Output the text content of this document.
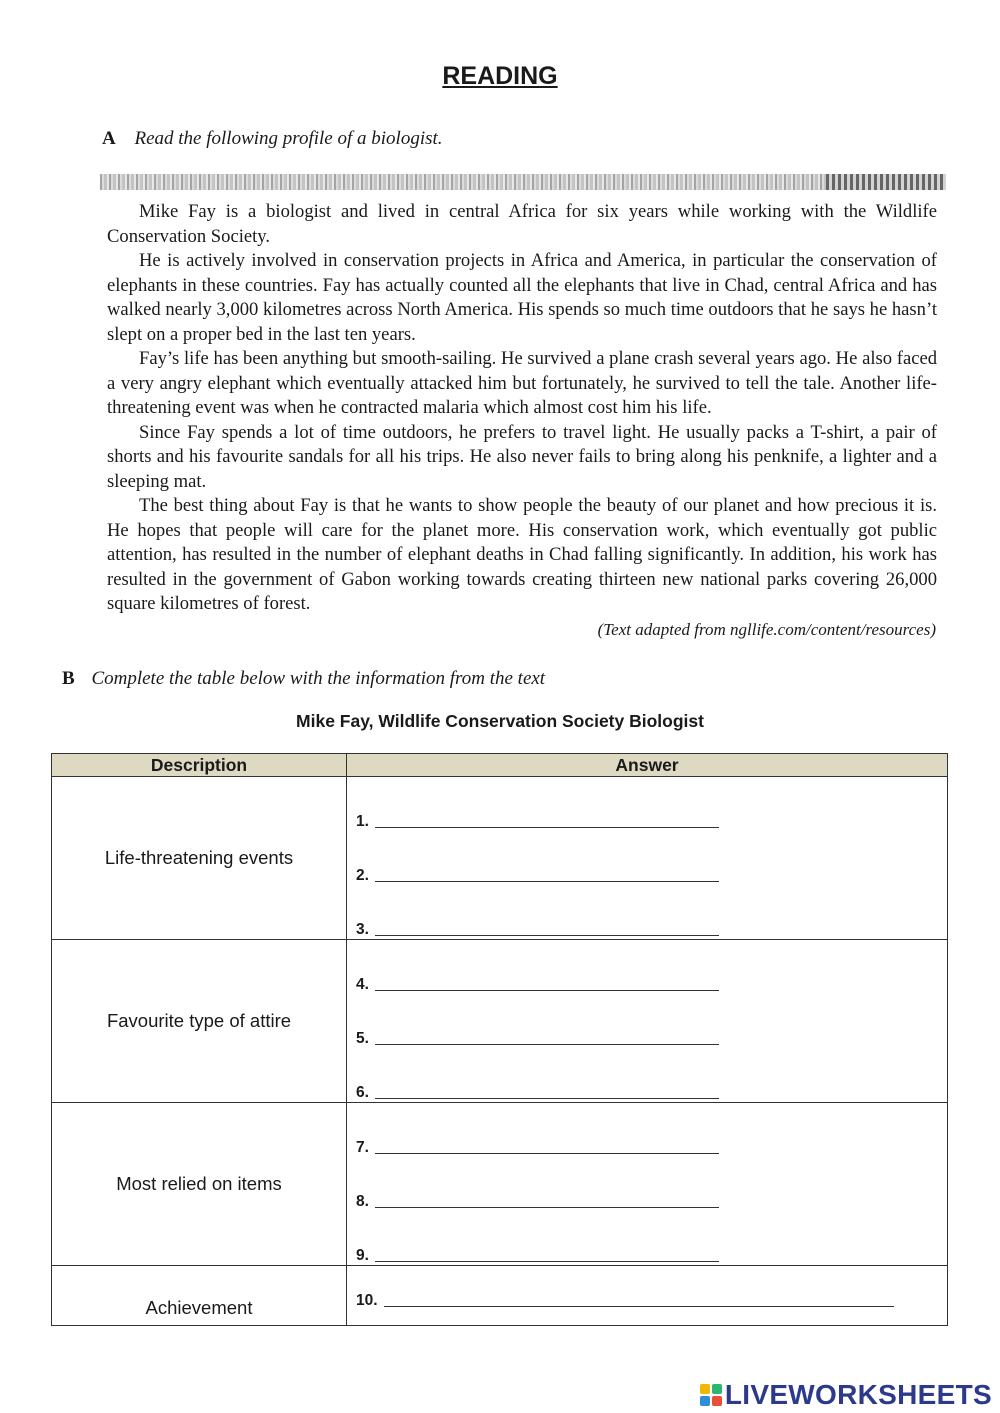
READING
A Read the following profile of a biologist.

Mike Fay is a biologist and lived in central Africa for six years while working with the Wildlife Conservation Society.

He is actively involved in conservation projects in Africa and America, in particular the conservation of elephants in these countries. Fay has actually counted all the elephants that live in Chad, central Africa and has walked nearly 3,000 kilometres across North America. His spends so much time outdoors that he says he hasn’t slept on a proper bed in the last ten years.

Fay’s life has been anything but smooth-sailing. He survived a plane crash several years ago. He also faced a very angry elephant which eventually attacked him but fortunately, he survived to tell the tale. Another life-threatening event was when he contracted malaria which almost cost him his life.

Since Fay spends a lot of time outdoors, he prefers to travel light. He usually packs a T-shirt, a pair of shorts and his favourite sandals for all his trips. He also never fails to bring along his penknife, a lighter and a sleeping mat.

The best thing about Fay is that he wants to show people the beauty of our planet and how precious it is. He hopes that people will care for the planet more. His conservation work, which eventually got public attention, has resulted in the number of elephant deaths in Chad falling significantly. In addition, his work has resulted in the government of Gabon working towards creating thirteen new national parks covering 26,000 square kilometres of forest.

(Text adapted from ngllife.com/content/resources)
B Complete the table below with the information from the text
Mike Fay, Wildlife Conservation Society Biologist
Description	Answer
Life-threatening events	1.
2.
3.

Favourite type of attire	4.
5.
6.

Most relied on items	7.
8.
9.

Achievement	10.
LIVEWORKSHEETS
